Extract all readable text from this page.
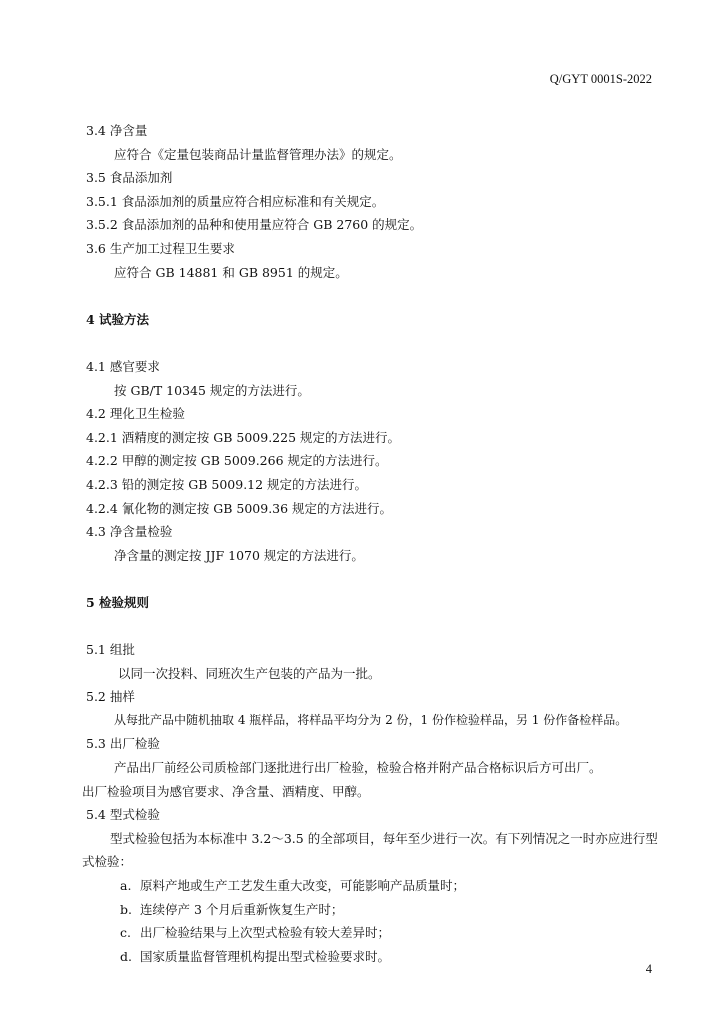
Q/GYT 0001S-2022
3.4 净含量
应符合《定量包装商品计量监督管理办法》的规定。
3.5 食品添加剂
3.5.1 食品添加剂的质量应符合相应标准和有关规定。
3.5.2 食品添加剂的品种和使用量应符合 GB 2760 的规定。
3.6 生产加工过程卫生要求
应符合 GB 14881 和 GB 8951 的规定。
4 试验方法
4.1 感官要求
按 GB/T 10345 规定的方法进行。
4.2 理化卫生检验
4.2.1 酒精度的测定按 GB 5009.225 规定的方法进行。
4.2.2 甲醇的测定按 GB 5009.266 规定的方法进行。
4.2.3 铅的测定按 GB 5009.12 规定的方法进行。
4.2.4 氰化物的测定按 GB 5009.36 规定的方法进行。
4.3 净含量检验
净含量的测定按 JJF 1070 规定的方法进行。
5 检验规则
5.1 组批
以同一次投料、同班次生产包装的产品为一批。
5.2 抽样
从每批产品中随机抽取 4 瓶样品，将样品平均分为 2 份，1 份作检验样品，另 1 份作备检样品。
5.3 出厂检验
产品出厂前经公司质检部门逐批进行出厂检验，检验合格并附产品合格标识后方可出厂。
出厂检验项目为感官要求、净含量、酒精度、甲醇。
5.4 型式检验
型式检验包括为本标准中 3.2～3.5 的全部项目，每年至少进行一次。有下列情况之一时亦应进行型式检验：
a. 原料产地或生产工艺发生重大改变，可能影响产品质量时；
b. 连续停产 3 个月后重新恢复生产时；
c. 出厂检验结果与上次型式检验有较大差异时；
d. 国家质量监督管理机构提出型式检验要求时。
4
